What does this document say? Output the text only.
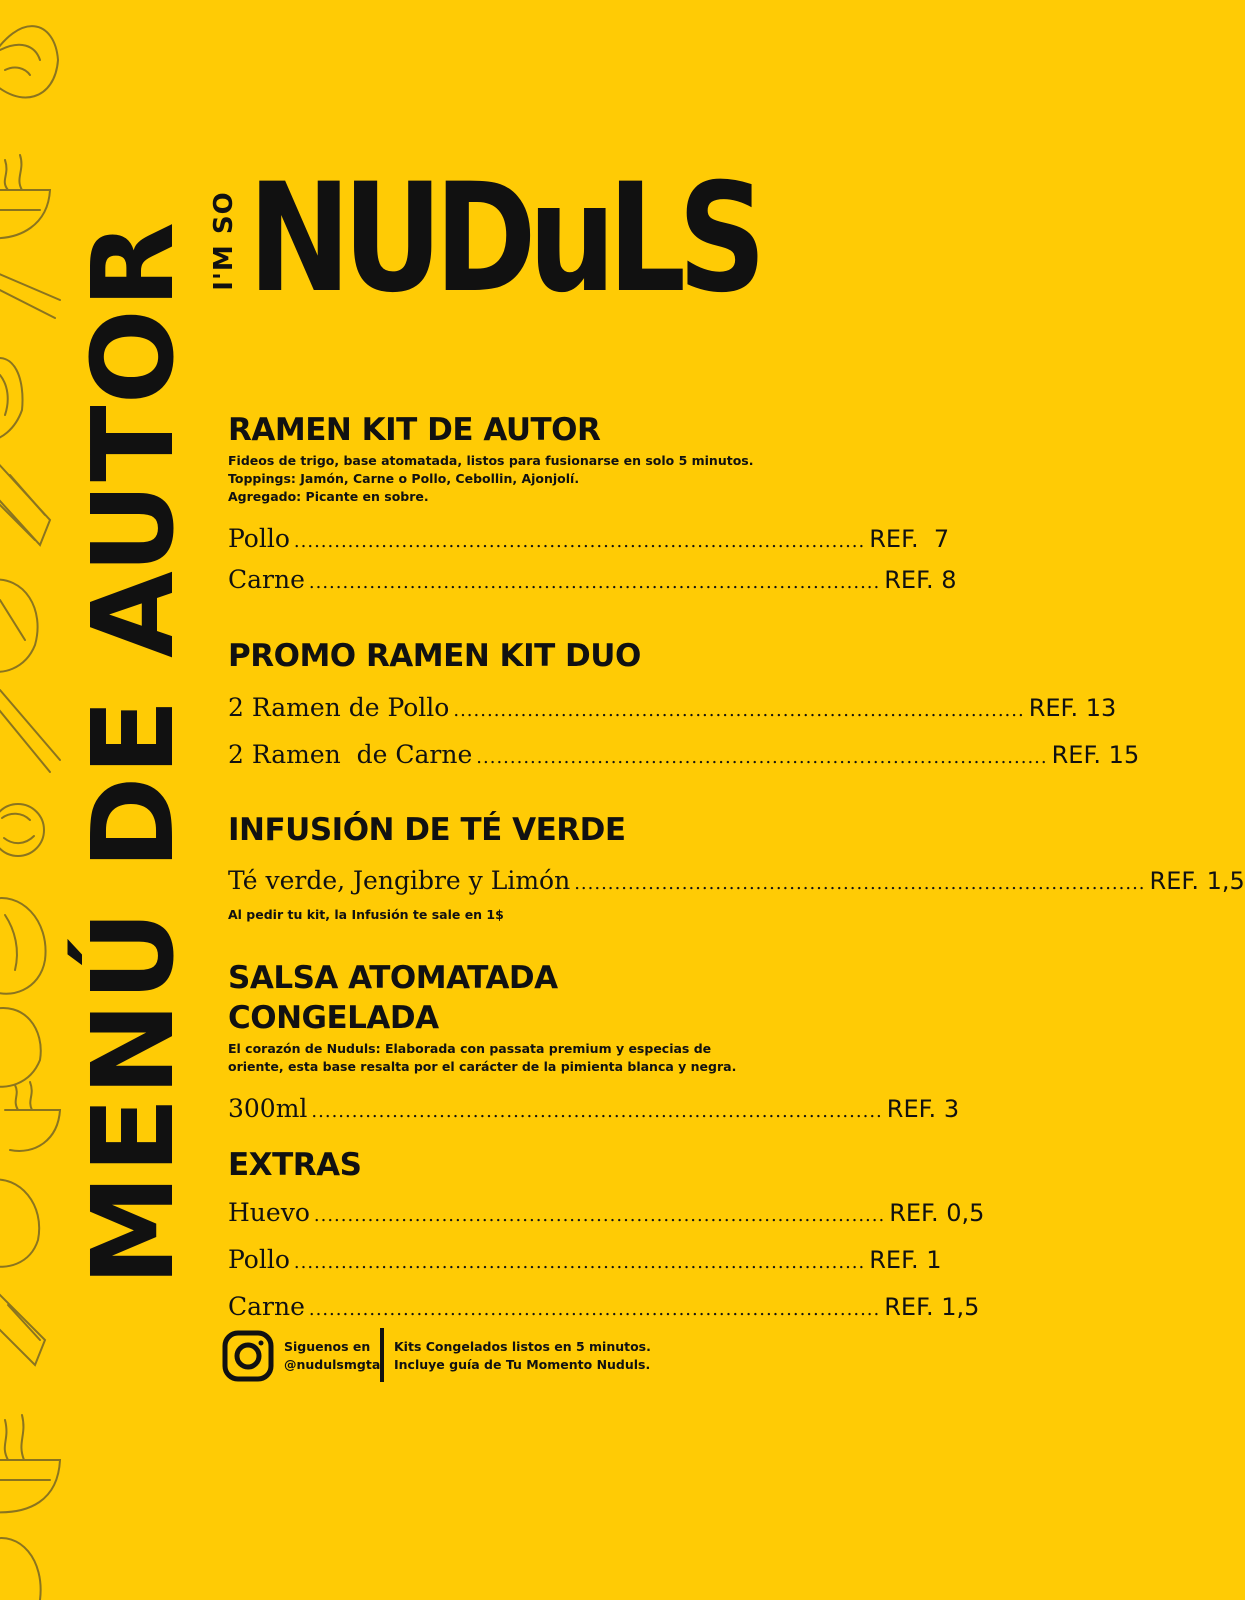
I'M SO NUDuLS
MENÚ DE AUTOR RAMEN KIT DE AUTOR

Fideos de trigo, base atomatada, listos para fusionarse en solo 5 minutos.
Toppings: Jamón, Carne o Pollo, Cebollin, Ajonjolí.
Agregado: Picante en sobre.

Pollo ..................................................................................... REF.  7
Carne ..................................................................................... REF. 8
PROMO RAMEN KIT DUO
2 Ramen de Pollo ..................................................................................... REF. 13
2 Ramen  de Carne ..................................................................................... REF. 15
INFUSIÓN DE TÉ VERDE
Té verde, Jengibre y Limón ..................................................................................... REF. 1,5

Al pedir tu kit, la Infusión te sale en 1$

SALSA ATOMATADA CONGELADA

El corazón de Nuduls: Elaborada con passata premium y especias de
oriente, esta base resalta por el carácter de la pimienta blanca y negra.

300ml ..................................................................................... REF. 3
EXTRAS
Huevo ..................................................................................... REF. 0,5
Pollo ..................................................................................... REF. 1
Carne ..................................................................................... REF. 1,5
Siguenos en
@nudulsmgta
Kits Congelados listos en 5 minutos.
Incluye guía de Tu Momento Nuduls.
